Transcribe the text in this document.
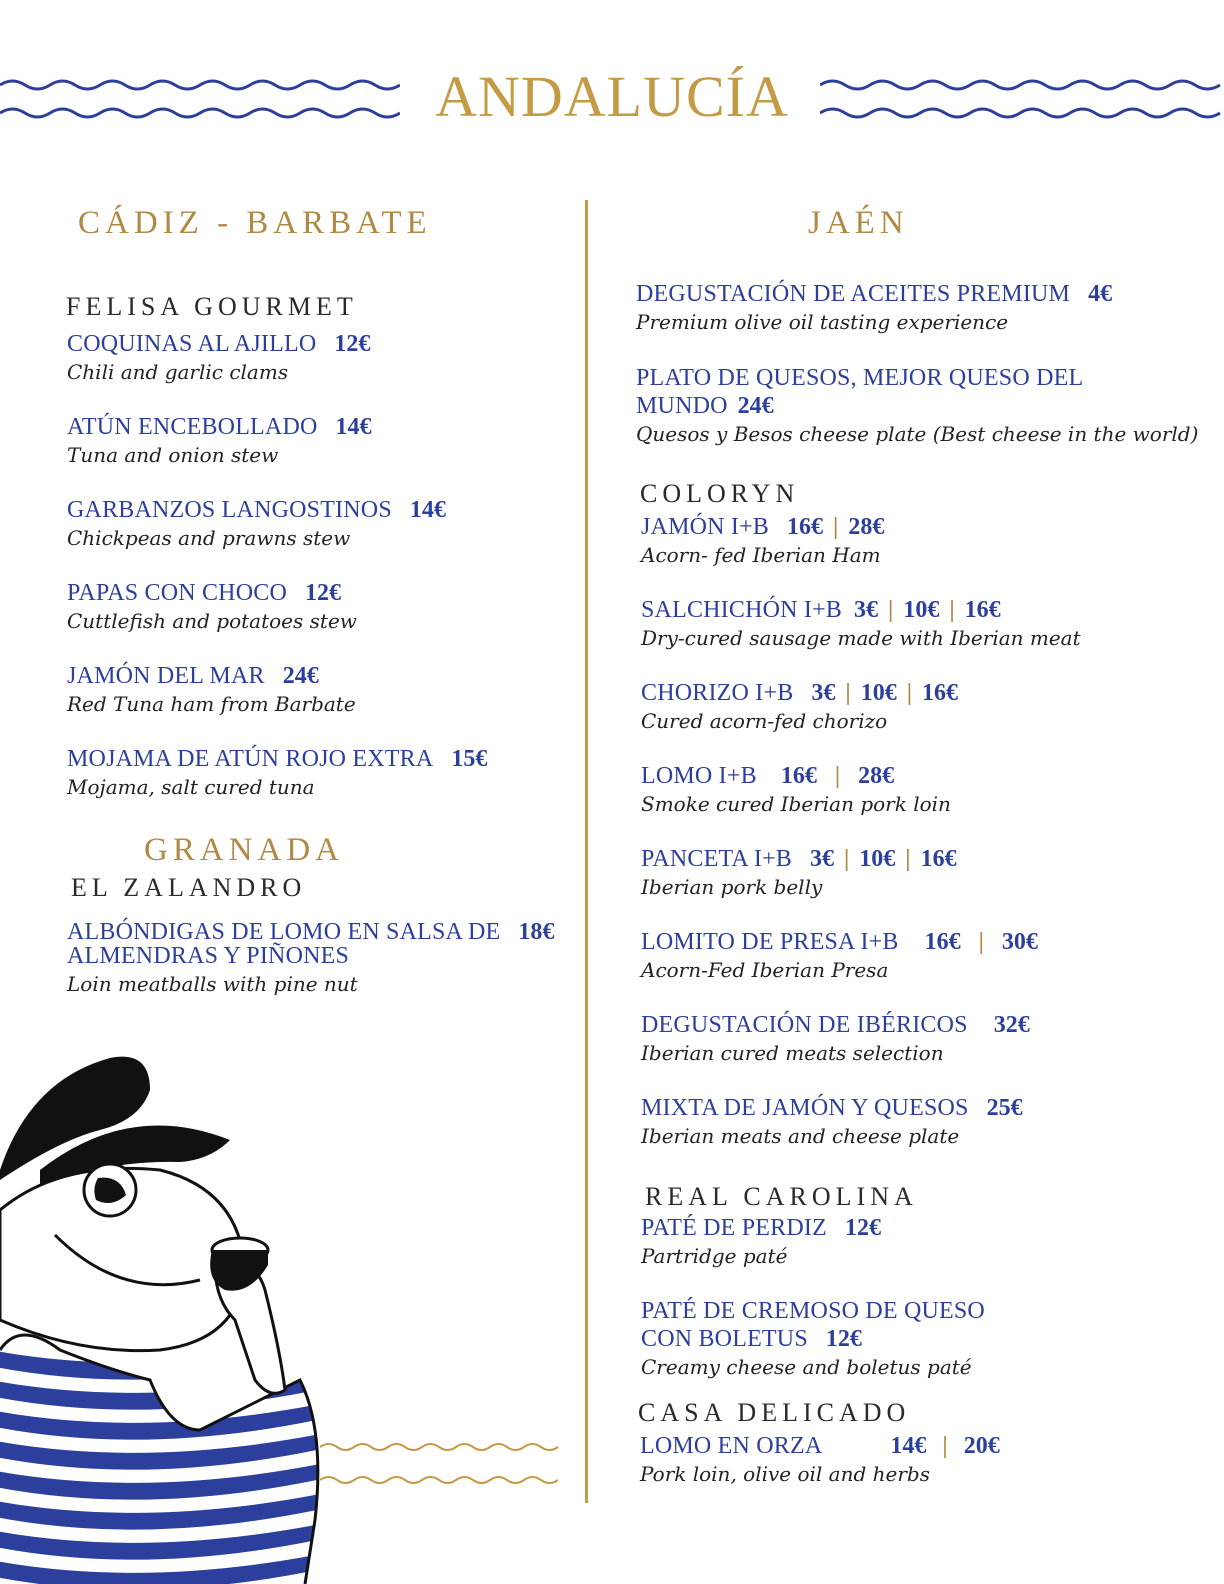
ANDALUCÍA
CÁDIZ - BARBATE
FELISA GOURMET
COQUINAS AL AJILLO 12€
Chili and garlic clams
ATÚN ENCEBOLLADO 14€
Tuna and onion stew
GARBANZOS LANGOSTINOS 14€
Chickpeas and prawns stew
PAPAS CON CHOCO 12€
Cuttlefish and potatoes stew
JAMÓN DEL MAR 24€
Red Tuna ham from Barbate
MOJAMA DE ATÚN ROJO EXTRA 15€
Mojama, salt cured tuna
GRANADA
EL ZALANDRO
ALBÓNDIGAS DE LOMO EN SALSA DE 18€
ALMENDRAS Y PIÑONES
Loin meatballs with pine nut
JAÉN
DEGUSTACIÓN DE ACEITES PREMIUM 4€
Premium olive oil tasting experience
PLATO DE QUESOS, MEJOR QUESO DEL
MUNDO 24€
Quesos y Besos cheese plate (Best cheese in the world)
COLORYN
JAMÓN I+B 16€ | 28€
Acorn- fed Iberian Ham
SALCHICHÓN I+B 3€ | 10€ | 16€
Dry-cured sausage made with Iberian meat
CHORIZO I+B 3€ | 10€ | 16€
Cured acorn-fed chorizo
LOMO I+B 16€ | 28€
Smoke cured Iberian pork loin
PANCETA I+B 3€ | 10€ | 16€
Iberian pork belly
LOMITO DE PRESA I+B 16€ | 30€
Acorn-Fed Iberian Presa
DEGUSTACIÓN DE IBÉRICOS 32€
Iberian cured meats selection
MIXTA DE JAMÓN Y QUESOS 25€
Iberian meats and cheese plate
REAL CAROLINA
PATÉ DE PERDIZ 12€
Partridge paté
PATÉ DE CREMOSO DE QUESO
CON BOLETUS 12€
Creamy cheese and boletus paté
CASA DELICADO
LOMO EN ORZA	14€ | 20€
Pork loin, olive oil and herbs
